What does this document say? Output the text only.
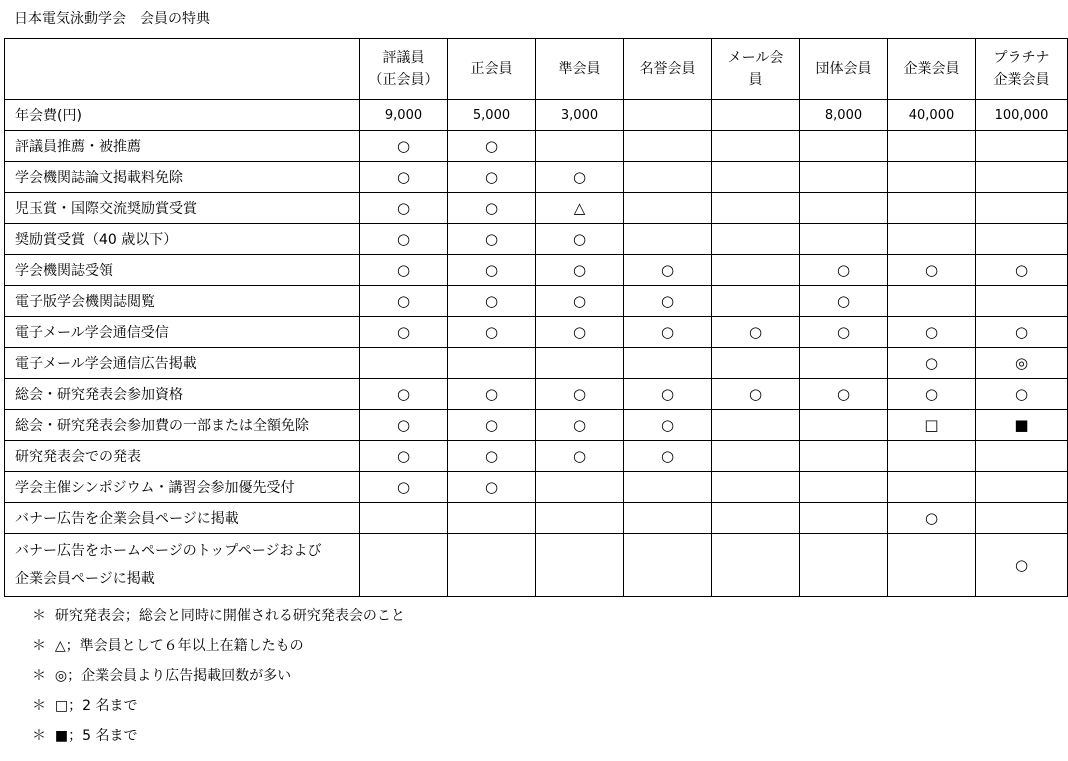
日本電気泳動学会　会員の特典
	評議員
（正会員）	正会員	準会員	名誉会員	メール会
員	団体会員	企業会員	プラチナ
企業会員
年会費(円)	9,000	5,000	3,000			8,000	40,000	100,000
評議員推薦・被推薦	○	○						
学会機関誌論文掲載料免除	○	○	○					
児玉賞・国際交流奨励賞受賞	○	○	△					
奨励賞受賞（40 歳以下）	○	○	○					
学会機関誌受領	○	○	○	○		○	○	○
電子版学会機関誌閲覧	○	○	○	○		○		
電子メール学会通信受信	○	○	○	○	○	○	○	○
電子メール学会通信広告掲載							○	◎
総会・研究発表会参加資格	○	○	○	○	○	○	○	○
総会・研究発表会参加費の一部または全額免除	○	○	○	○			□	■
研究発表会での発表	○	○	○	○				
学会主催シンポジウム・講習会参加優先受付	○	○						
バナー広告を企業会員ページに掲載							○	
バナー広告をホームページのトップページおよび
企業会員ページに掲載								○
＊  研究発表会；総会と同時に開催される研究発表会のこと
＊  △；準会員として６年以上在籍したもの
＊  ◎；企業会員より広告掲載回数が多い
＊  □；2 名まで
＊  ■；5 名まで
